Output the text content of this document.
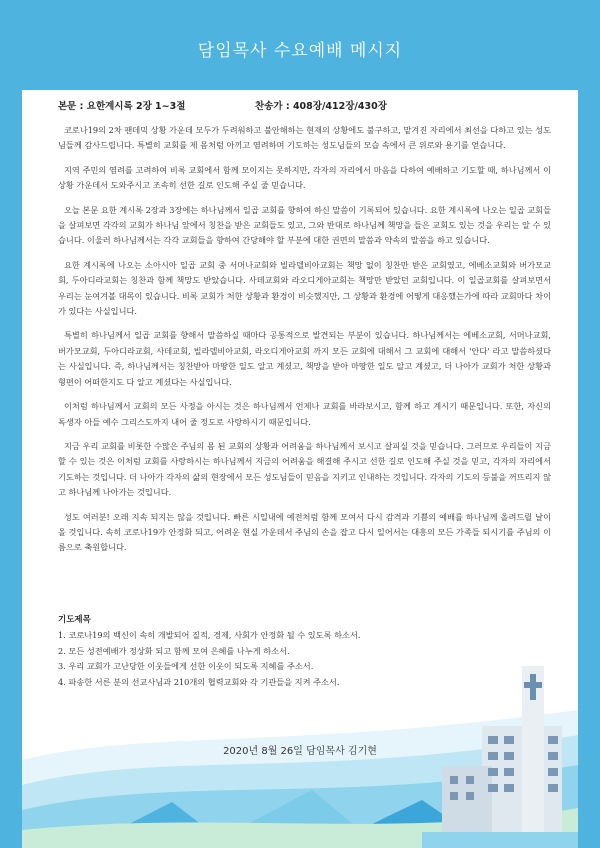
담임목사 수요예배 메시지
본문 : 요한계시록 2장 1~3절	찬송가 : 408장/412장/430장

코로나19의 2차 팬데믹 상황 가운데 모두가 두려워하고 불안해하는 현재의 상황에도 불구하고, 맡겨진 자리에서 최선을 다하고 있는 성도님들께 감사드립니다. 특별히 교회를 제 몸처럼 아끼고 염려하며 기도하는 성도님들의 모습 속에서 큰 위로와 용기를 얻습니다.

지역 주민의 염려를 고려하여 비록 교회에서 함께 모이지는 못하지만, 각자의 자리에서 마음을 다하여 예배하고 기도할 때, 하나님께서 이 상황 가운데서 도와주시고 조속히 선한 길로 인도해 주실 줄 믿습니다.

오늘 본문 요한 계시록 2장과 3장에는 하나님께서 일곱 교회를 향하여 하신 말씀이 기록되어 있습니다. 요한 계시록에 나오는 일곱 교회들을 살펴보면 각각의 교회가 하나님 앞에서 칭찬을 받은 교회들도 있고, 그와 반대로 하나님께 책망을 들은 교회도 있는 것을 우리는 알 수 있습니다. 이울러 하나님께서는 각각 교회들을 향하여 간당해야 할 부분에 대한 권면의 말씀과 약속의 말씀을 하고 있습니다.

요한 계시록에 나오는 소아시아 일곱 교회 중 서머나교회와 빌라델비아교회는 책망 없이 칭찬만 받은 교회였고, 에베소교회와 버가모교회, 두아디라교회는 칭찬과 함께 책망도 받았습니다. 사데교회와 라오디게아교회는 책망만 받았던 교회입니다. 이 일곱교회를 살펴보면서 우리는 눈여겨볼 대목이 있습니다. 비록 교회가 처한 상황과 환경이 비슷했지만, 그 상황과 환경에 어떻게 대응했는가에 따라 교회마다 차이가 있다는 사실입니다.

특별히 하나님께서 일곱 교회를 향해서 말씀하실 때마다 공통적으로 발견되는 부분이 있습니다. 하나님께서는 에베소교회, 서머나교회, 버가모교회, 두아디라교회, 사데교회, 빌라델비아교회, 라오디게아교회 까지 모든 교회에 대해서 그 교회에 대해서 '안다' 라고 말씀하셨다는 사실입니다. 즉, 하나님께서는 칭찬받아 마땅한 일도 알고 계셨고, 책망을 받아 마땅한 일도 알고 계셨고, 더 나아가 교회가 처한 상황과 형편이 어떠한지도 다 알고 계셨다는 사실입니다.

이처럼 하나님께서 교회의 모든 사정을 아시는 것은 하나님께서 언제나 교회를 바라보시고, 함께 하고 계시기 때문입니다. 또한, 자신의 독생자 아들 예수 그리스도까지 내어 줄 정도로 사랑하시기 때문입니다.

지금 우리 교회를 비롯한 수많은 주님의 몸 된 교회의 상황과 어려움을 하나님께서 보시고 살피실 것을 믿습니다. 그러므로 우리들이 지금 할 수 있는 것은 이처럼 교회를 사랑하시는 하나님께서 지금의 어려움을 해결해 주시고 선한 길로 인도해 주실 것을 믿고, 각자의 자리에서 기도하는 것입니다. 더 나아가 각자의 삶의 현장에서 모든 성도님들이 믿음을 지키고 인내하는 것입니다. 각자의 기도의 등불을 꺼뜨리지 않고 하나님께 나아가는 것입니다.

성도 여러분! 오래 지속 되지는 않을 것입니다. 빠른 시일내에 예전처럼 함께 모여서 다시 감격과 기쁨의 예배를 하나님께 올려드릴 날이 올 것입니다. 속히 코로나19가 안정화 되고, 어려운 현실 가운데서 주님의 손을 잡고 다시 일어서는 대흥의 모든 가족들 되시기를 주님의 이름으로 축원합니다.

기도제목
1. 코로나19의 백신이 속히 개발되어 질적, 경제, 사회가 안정화 될 수 있도록 하소서.
2. 모든 성전예배가 정상화 되고 함께 모여 은혜를 나누게 하소서.
3. 우리 교회가 고난당한 이웃들에게 선한 이웃이 되도록 지혜를 주소서.
4. 파송한 서른 분의 선교사님과 210개의 협력교회와 각 기관들을 지켜 주소서.
2020년 8월 26일 담임목사 김기현
